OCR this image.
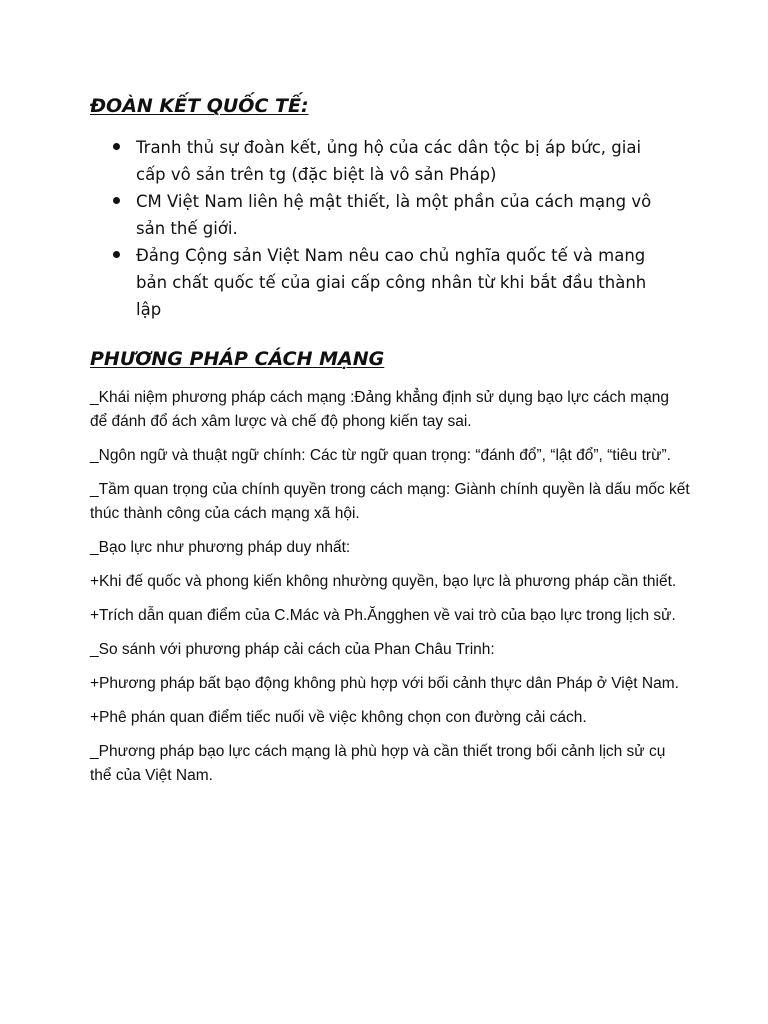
ĐOÀN KẾT QUỐC TẾ:
Tranh thủ sự đoàn kết, ủng hộ của các dân tộc bị áp bức, giai cấp vô sản trên tg (đặc biệt là vô sản Pháp)
CM Việt Nam liên hệ mật thiết, là một phần của cách mạng vô sản thế giới.
Đảng Cộng sản Việt Nam nêu cao chủ nghĩa quốc tế và mang bản chất quốc tế của giai cấp công nhân từ khi bắt đầu thành lập
PHƯƠNG PHÁP CÁCH MẠNG

_Khái niệm phương pháp cách mạng :Đảng khẳng định sử dụng bạo lực cách mạng để đánh đổ ách xâm lược và chế độ phong kiến tay sai.

_Ngôn ngữ và thuật ngữ chính: Các từ ngữ quan trọng: “đánh đổ”, “lật đổ”, “tiêu trừ”.

_Tầm quan trọng của chính quyền trong cách mạng: Giành chính quyền là dấu mốc kết thúc thành công của cách mạng xã hội.

_Bạo lực như phương pháp duy nhất:

+Khi đế quốc và phong kiến không nhường quyền, bạo lực là phương pháp cần thiết.

+Trích dẫn quan điểm của C.Mác và Ph.Ăngghen về vai trò của bạo lực trong lịch sử.

_So sánh với phương pháp cải cách của Phan Châu Trinh:

+Phương pháp bất bạo động không phù hợp với bối cảnh thực dân Pháp ở Việt Nam.

+Phê phán quan điểm tiếc nuối về việc không chọn con đường cải cách.

_Phương pháp bạo lực cách mạng là phù hợp và cần thiết trong bối cảnh lịch sử cụ thể của Việt Nam.
